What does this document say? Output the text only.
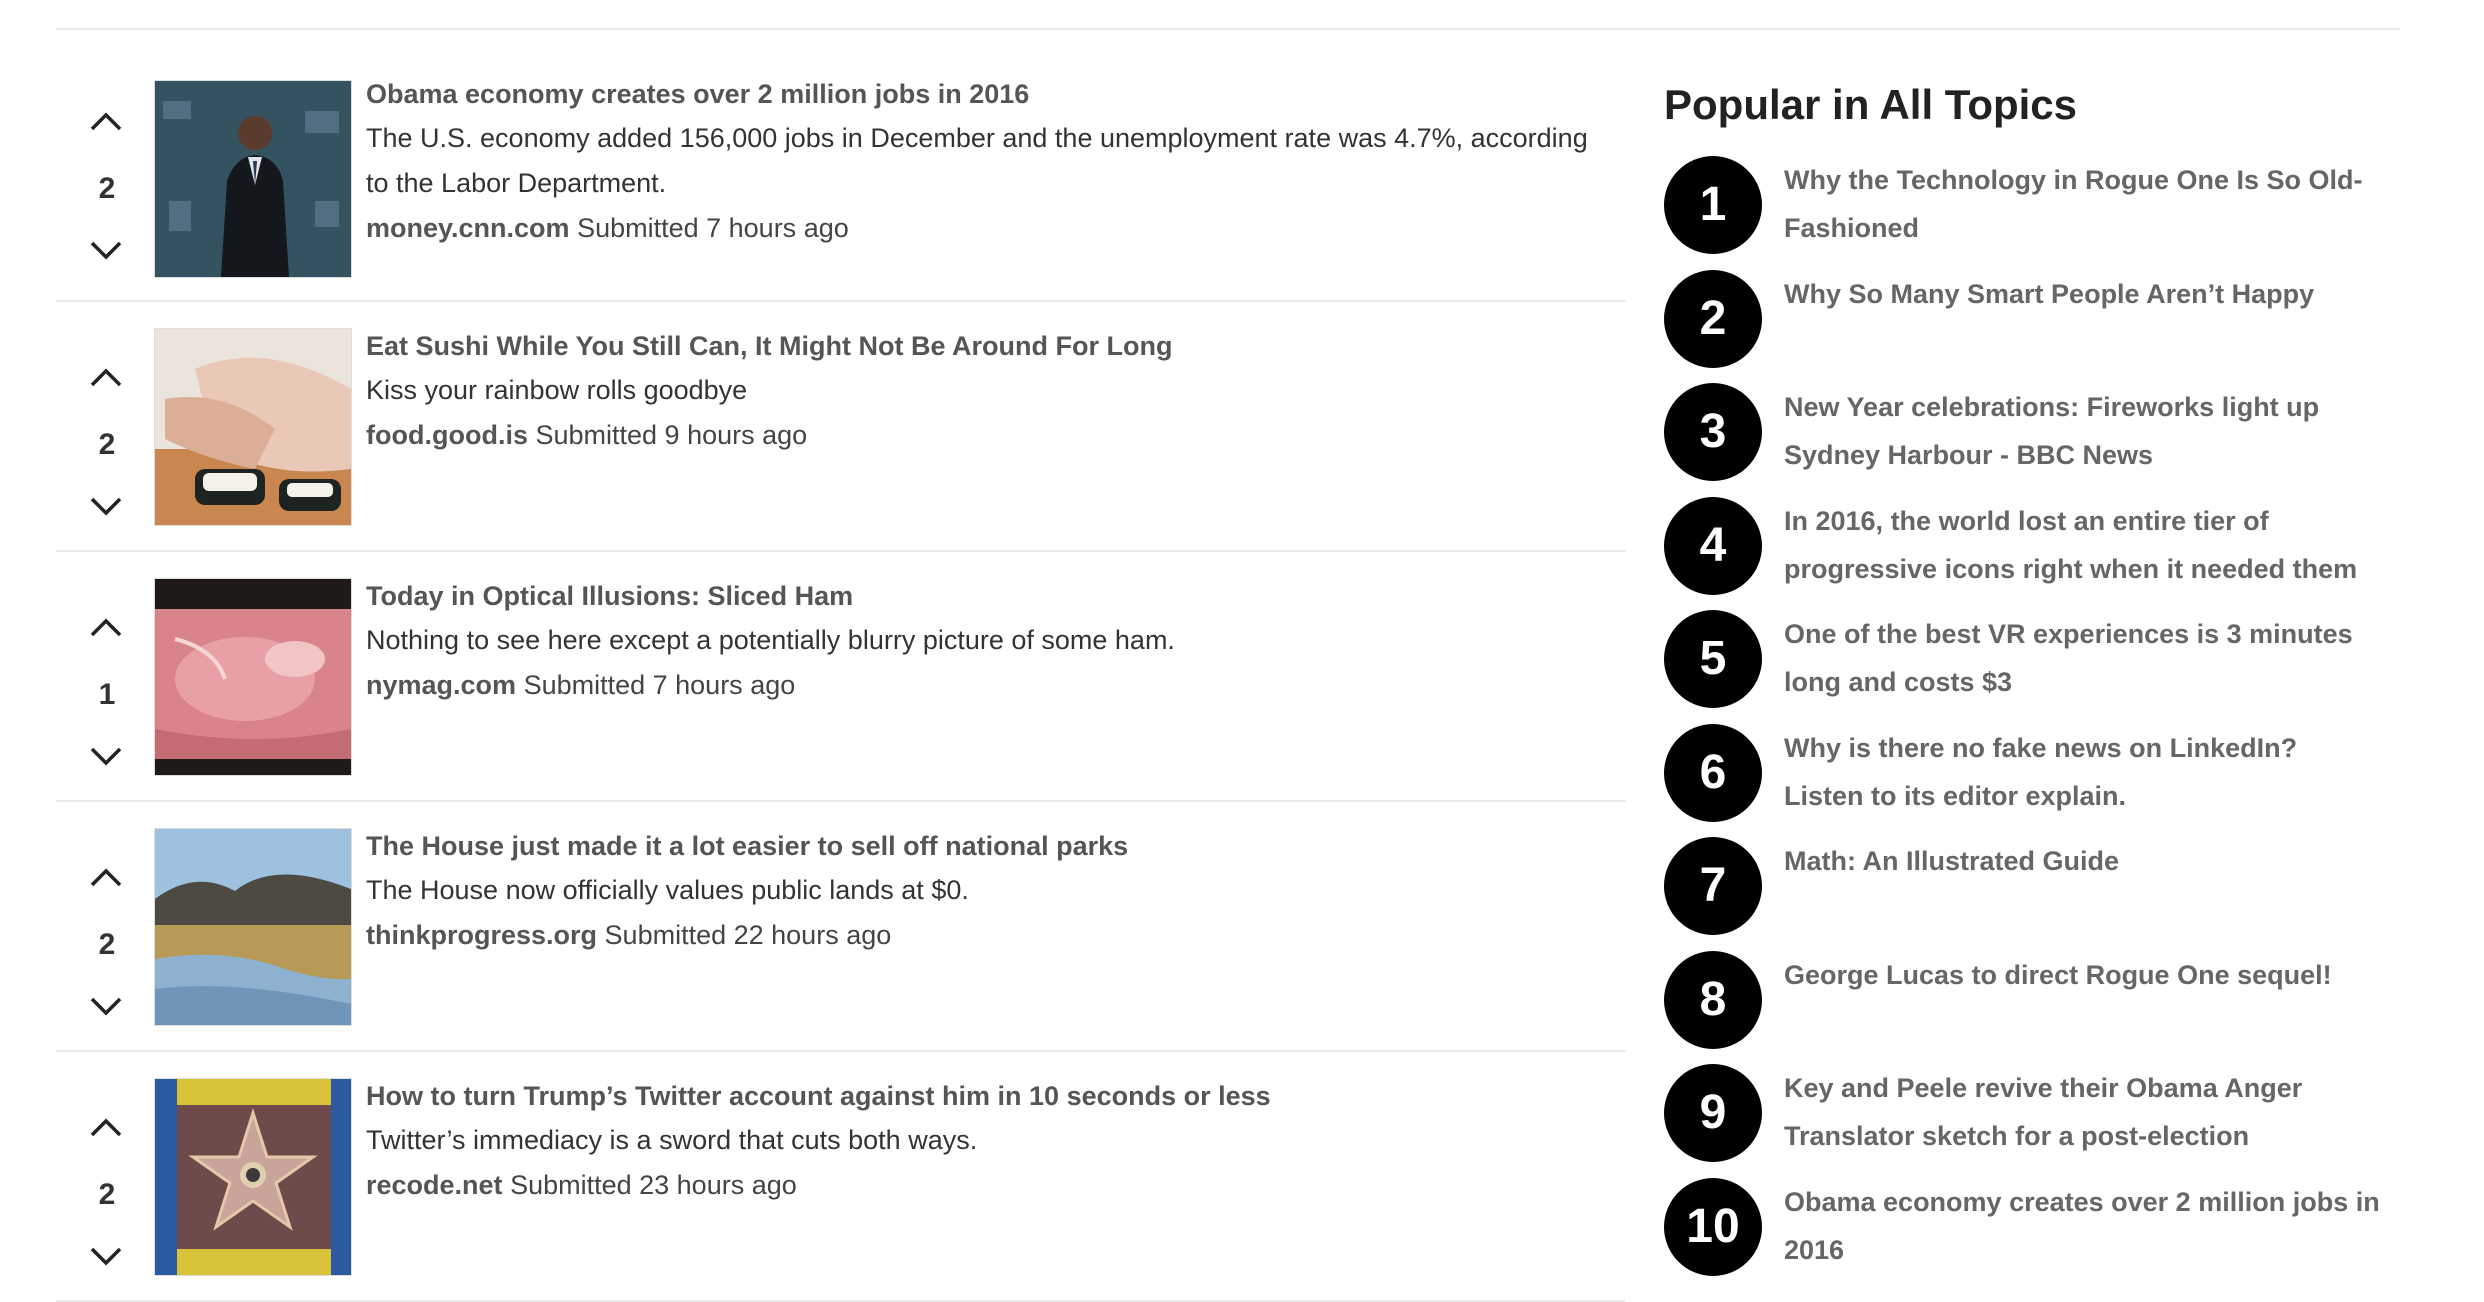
2
Obama economy creates over 2 million jobs in 2016
The U.S. economy added 156,000 jobs in December and the unemployment rate was 4.7%, according to the Labor Department.
money.cnn.com Submitted 7 hours ago
2
Eat Sushi While You Still Can, It Might Not Be Around For Long
Kiss your rainbow rolls goodbye
food.good.is Submitted 9 hours ago
1
Today in Optical Illusions: Sliced Ham
Nothing to see here except a potentially blurry picture of some ham.
nymag.com Submitted 7 hours ago
2
The House just made it a lot easier to sell off national parks
The House now officially values public lands at $0.
thinkprogress.org Submitted 22 hours ago
2
How to turn Trump’s Twitter account against him in 10 seconds or less
Twitter’s immediacy is a sword that cuts both ways.
recode.net Submitted 23 hours ago
Popular in All Topics
1	Why the Technology in Rogue One Is So Old-Fashioned
2	Why So Many Smart People Aren’t Happy
3	New Year celebrations: Fireworks light up Sydney Harbour - BBC News
4	In 2016, the world lost an entire tier of progressive icons right when it needed them
5	One of the best VR experiences is 3 minutes long and costs $3
6	Why is there no fake news on LinkedIn? Listen to its editor explain.
7	Math: An Illustrated Guide
8	George Lucas to direct Rogue One sequel!
9	Key and Peele revive their Obama Anger Translator sketch for a post-election
10	Obama economy creates over 2 million jobs in 2016
